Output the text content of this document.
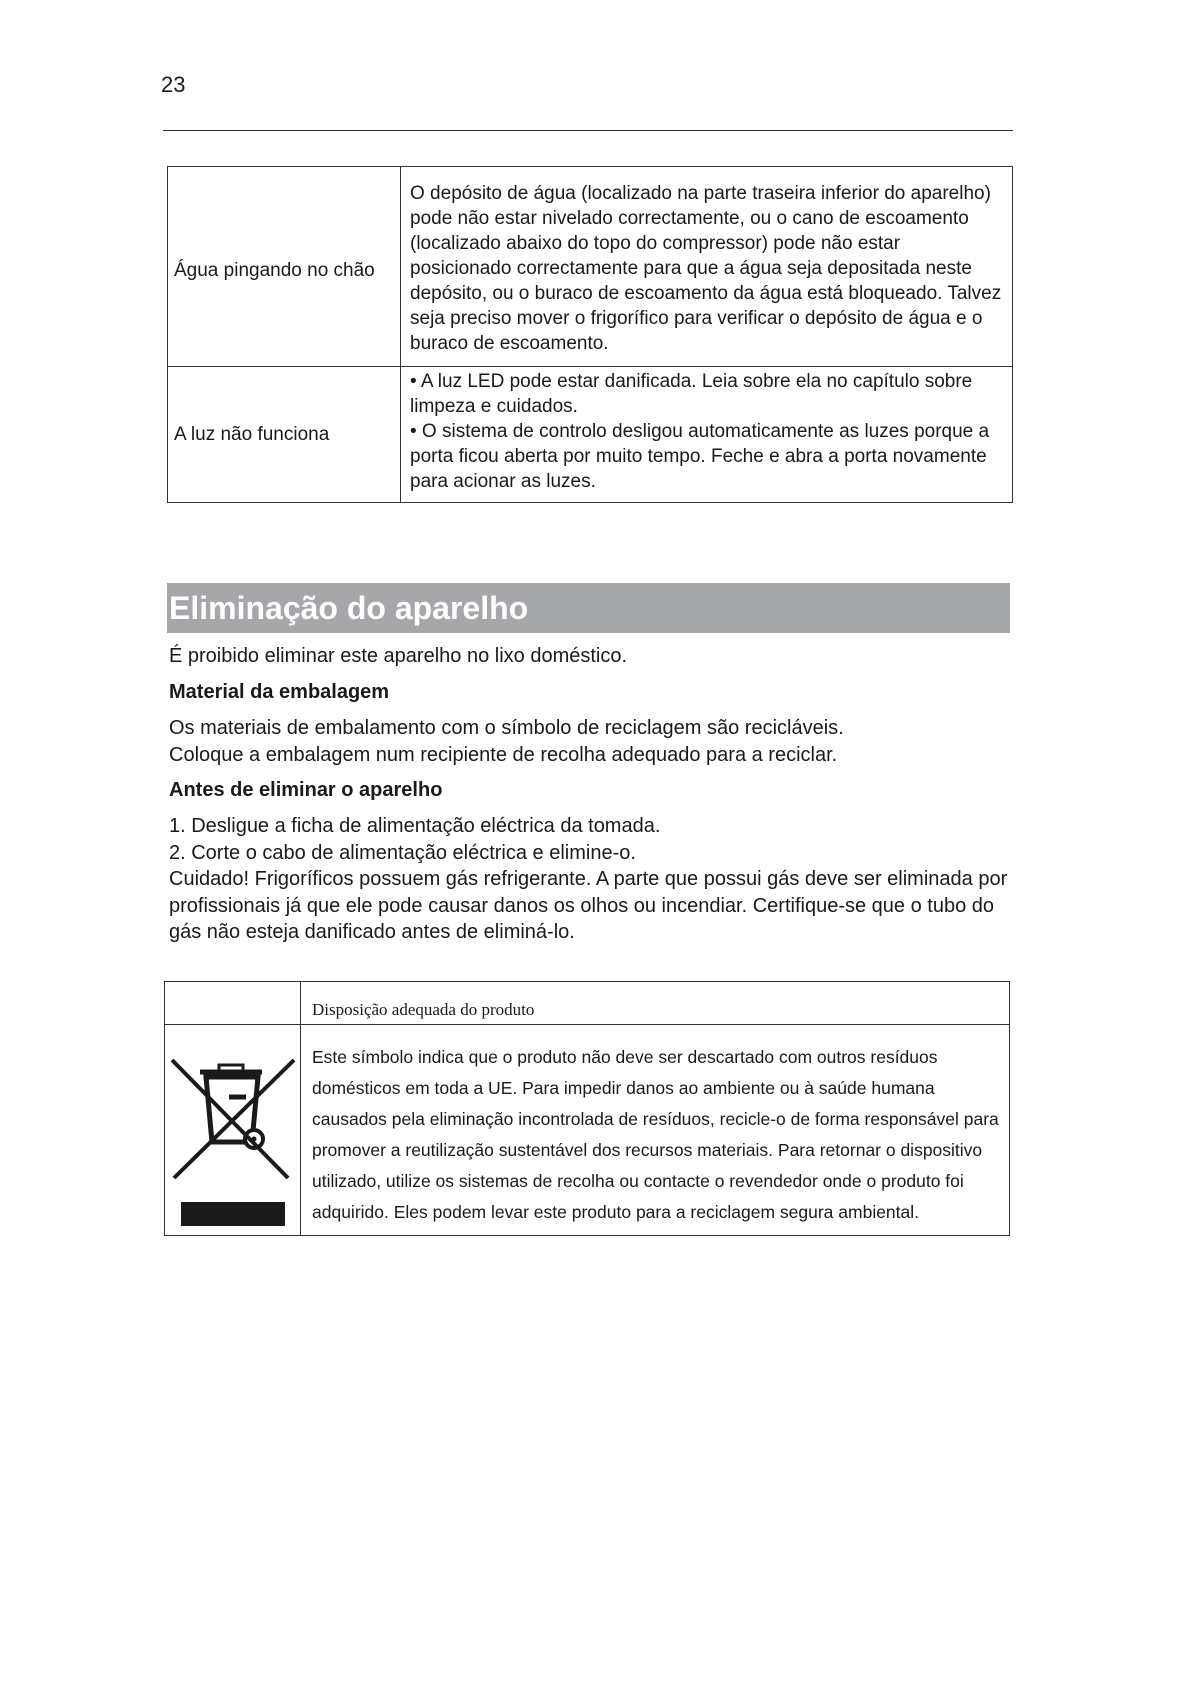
23
Água pingando no chão	O depósito de água (localizado na parte traseira inferior do aparelho) pode não estar nivelado correctamente, ou o cano de escoamento (localizado abaixo do topo do compressor) pode não estar posicionado correctamente para que a água seja depositada neste depósito, ou o buraco de escoamento da água está bloqueado. Talvez seja preciso mover o frigorífico para verificar o depósito de água e o buraco de escoamento.
A luz não funciona	• A luz LED pode estar danificada. Leia sobre ela no capítulo sobre limpeza e cuidados.
• O sistema de controlo desligou automaticamente as luzes porque a porta ficou aberta por muito tempo. Feche e abra a porta novamente para acionar as luzes.
Eliminação do aparelho

É proibido eliminar este aparelho no lixo doméstico.

Material da embalagem

Os materiais de embalamento com o símbolo de reciclagem são recicláveis.

Coloque a embalagem num recipiente de recolha adequado para a reciclar.

Antes de eliminar o aparelho

1. Desligue a ficha de alimentação eléctrica da tomada.

2. Corte o cabo de alimentação eléctrica e elimine-o.

Cuidado! Frigoríficos possuem gás refrigerante. A parte que possui gás deve ser eliminada por profissionais já que ele pode causar danos os olhos ou incendiar. Certifique-se que o tubo do gás não esteja danificado antes de eliminá-lo.

	Disposição adequada do produto

	Este símbolo indica que o produto não deve ser descartado com outros resíduos domésticos em toda a UE. Para impedir danos ao ambiente ou à saúde humana causados pela eliminação incontrolada de resíduos, recicle-o de forma responsável para promover a reutilização sustentável dos recursos materiais. Para retornar o dispositivo utilizado, utilize os sistemas de recolha ou contacte o revendedor onde o produto foi adquirido. Eles podem levar este produto para a reciclagem segura ambiental.
